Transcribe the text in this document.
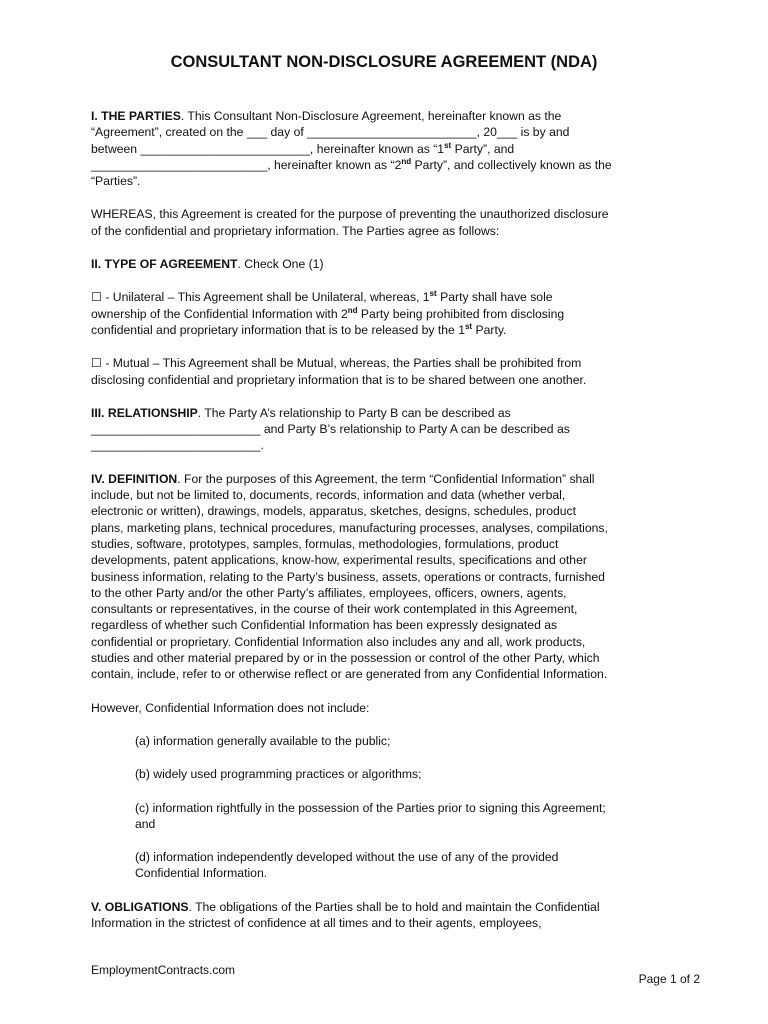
CONSULTANT NON-DISCLOSURE AGREEMENT (NDA)
I. THE PARTIES. This Consultant Non-Disclosure Agreement, hereinafter known as the
“Agreement”, created on the ___ day of _________________________, 20___ is by and
between _________________________, hereinafter known as “1st Party”, and
__________________________, hereinafter known as “2nd Party”, and collectively known as the
“Parties”.
WHEREAS, this Agreement is created for the purpose of preventing the unauthorized disclosure
of the confidential and proprietary information. The Parties agree as follows:
II. TYPE OF AGREEMENT. Check One (1)
☐ - Unilateral – This Agreement shall be Unilateral, whereas, 1st Party shall have sole
ownership of the Confidential Information with 2nd Party being prohibited from disclosing
confidential and proprietary information that is to be released by the 1st Party.
☐ - Mutual – This Agreement shall be Mutual, whereas, the Parties shall be prohibited from
disclosing confidential and proprietary information that is to be shared between one another.
III. RELATIONSHIP. The Party A’s relationship to Party B can be described as
_________________________ and Party B’s relationship to Party A can be described as
_________________________.
IV. DEFINITION. For the purposes of this Agreement, the term “Confidential Information” shall
include, but not be limited to, documents, records, information and data (whether verbal,
electronic or written), drawings, models, apparatus, sketches, designs, schedules, product
plans, marketing plans, technical procedures, manufacturing processes, analyses, compilations,
studies, software, prototypes, samples, formulas, methodologies, formulations, product
developments, patent applications, know-how, experimental results, specifications and other
business information, relating to the Party’s business, assets, operations or contracts, furnished
to the other Party and/or the other Party’s affiliates, employees, officers, owners, agents,
consultants or representatives, in the course of their work contemplated in this Agreement,
regardless of whether such Confidential Information has been expressly designated as
confidential or proprietary. Confidential Information also includes any and all, work products,
studies and other material prepared by or in the possession or control of the other Party, which
contain, include, refer to or otherwise reflect or are generated from any Confidential Information.
However, Confidential Information does not include:
(a) information generally available to the public;
(b) widely used programming practices or algorithms;
(c) information rightfully in the possession of the Parties prior to signing this Agreement;
and
(d) information independently developed without the use of any of the provided
Confidential Information.
V. OBLIGATIONS. The obligations of the Parties shall be to hold and maintain the Confidential
Information in the strictest of confidence at all times and to their agents, employees,
EmploymentContracts.com
Page 1 of 2
